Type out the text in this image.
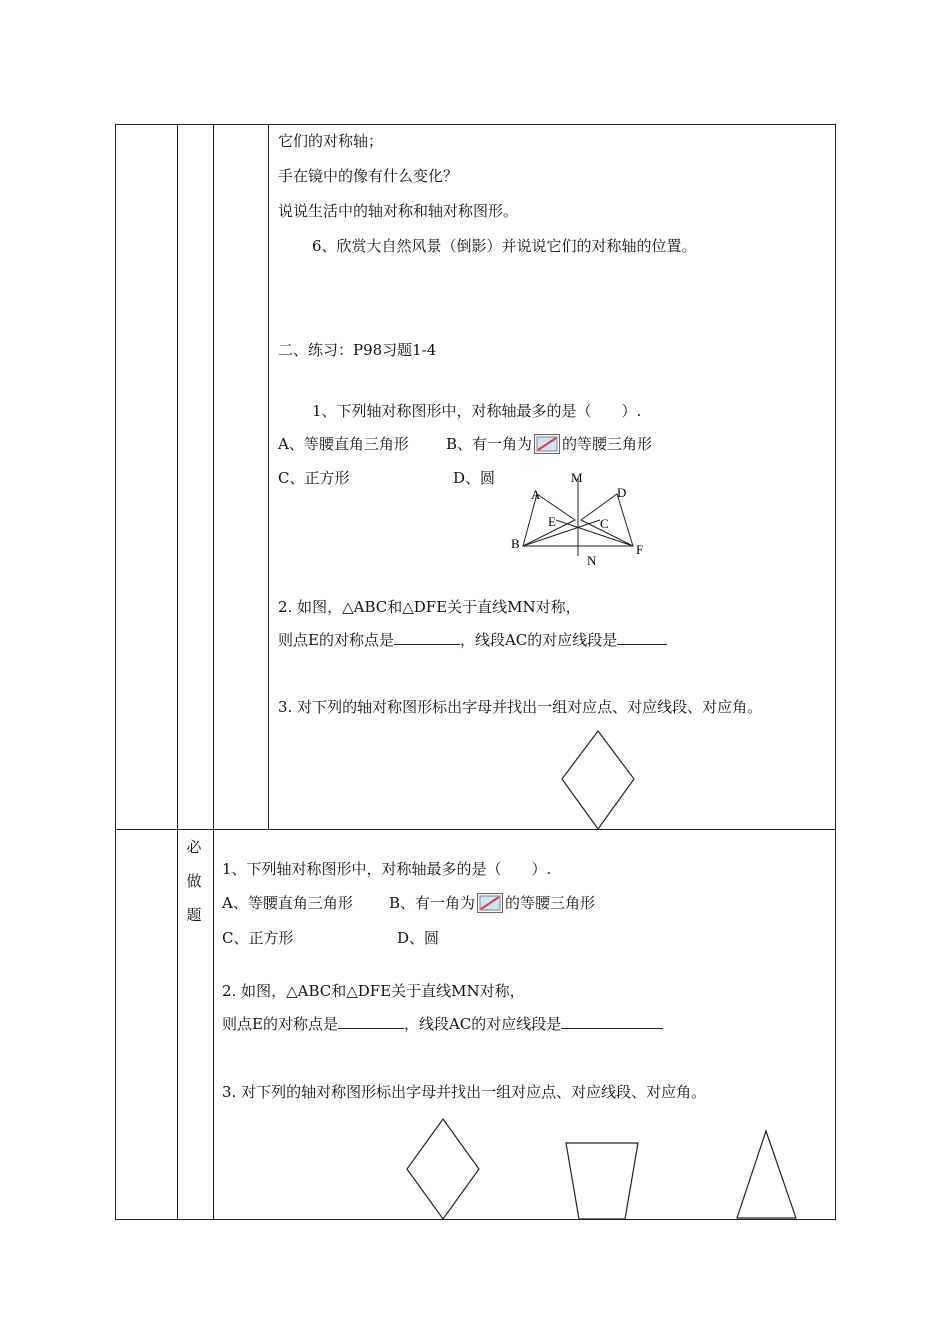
它们的对称轴；
手在镜中的像有什么变化？
说说生活中的轴对称和轴对称图形。
6、欣赏大自然风景（倒影）并说说它们的对称轴的位置。
二、练习：P98习题1-4
1、下列轴对称图形中，对称轴最多的是（　　）.
A、等腰直角三角形 B、有一角为 的等腰三角形
C、正方形	D、圆	M
A	D
E	C
B	F
N
2. 如图，△ABC和△DFE关于直线MN对称，
则点E的对称点是	，线段AC的对应线段是
3. 对下列的轴对称图形标出字母并找出一组对应点、对应线段、对应角。
必
做
题
1、下列轴对称图形中，对称轴最多的是（　　）.
A、等腰直角三角形 B、有一角为 的等腰三角形
C、正方形	D、圆
2. 如图，△ABC和△DFE关于直线MN对称，
则点E的对称点是	，线段AC的对应线段是
3. 对下列的轴对称图形标出字母并找出一组对应点、对应线段、对应角。
